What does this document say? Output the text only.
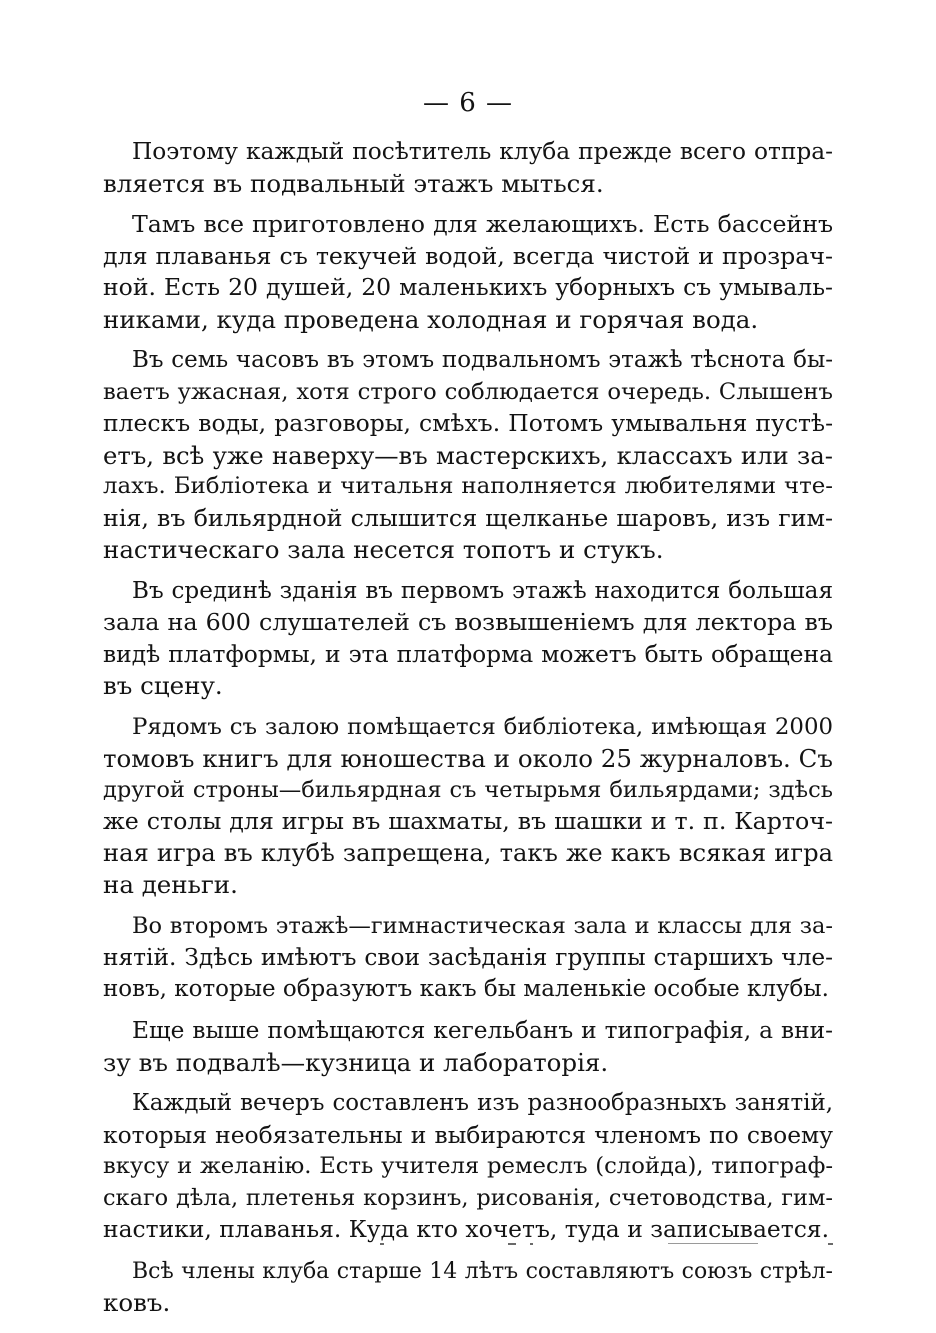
— 6 —
Поэтому каждый посѣтитель клуба прежде всего отпра-
вляется въ подвальный этажъ мыться.
Тамъ все приготовлено для желающихъ. Есть бассейнъ
для плаванья съ текучей водой, всегда чистой и прозрач-
ной. Есть 20 душей, 20 маленькихъ уборныхъ съ умываль-
никами, куда проведена холодная и горячая вода.
Въ семь часовъ въ этомъ подвальномъ этажѣ тѣснота бы-
ваетъ ужасная, хотя строго соблюдается очередь. Слышенъ
плескъ воды, разговоры, смѣхъ. Потомъ умывальня пустѣ-
етъ, всѣ уже наверху—въ мастерскихъ, классахъ или за-
лахъ. Библіотека и читальня наполняется любителями чте-
нія, въ бильярдной слышится щелканье шаровъ, изъ гим-
настическаго зала несется топотъ и стукъ.
Въ срединѣ зданія въ первомъ этажѣ находится большая
зала на 600 слушателей съ возвышеніемъ для лектора въ
видѣ платформы, и эта платформа можетъ быть обращена
въ сцену.
Рядомъ съ залою помѣщается библіотека, имѣющая 2000
томовъ книгъ для юношества и около 25 журналовъ. Съ
другой строны—бильярдная съ четырьмя бильярдами; здѣсь
же столы для игры въ шахматы, въ шашки и т. п. Карточ-
ная игра въ клубѣ запрещена, такъ же какъ всякая игра
на деньги.
Во второмъ этажѣ—гимнастическая зала и классы для за-
нятій. Здѣсь имѣютъ свои засѣданія группы старшихъ чле-
новъ, которые образуютъ какъ бы маленькіе особые клубы.
Еще выше помѣщаются кегельбанъ и типографія, а вни-
зу въ подвалѣ—кузница и лабораторія.
Каждый вечеръ составленъ изъ разнообразныхъ занятій,
которыя необязательны и выбираются членомъ по своему
вкусу и желанію. Есть учителя ремеслъ (слойда), типограф-
скаго дѣла, плетенья корзинъ, рисованія, счетоводства, гим-
настики, плаванья. Куда кто хочетъ, туда и записывается.
Всѣ члены клуба старше 14 лѣтъ составляютъ союзъ стрѣл-
ковъ.
